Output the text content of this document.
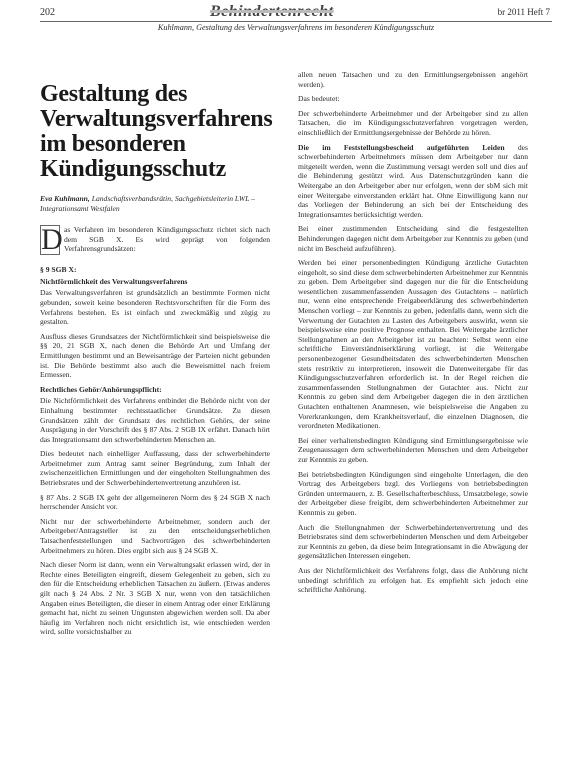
202	Behindertenrecht	br 2011 Heft 7
Kuhlmann, Gestaltung des Verwaltungsverfahrens im besonderen Kündigungsschutz
Gestaltung des
Verwaltungsverfahrens
im besonderen
Kündigungsschutz
Eva Kuhlmann, Landschaftsverbandsrätin, Sachgebietsleiterin LWL – Integrationsamt Westfalen
D as Verfahren im besonderen Kündigungsschutz richtet sich nach dem SGB X. Es wird geprägt von folgenden Verfahrensgrundsätzen:
§ 9 SGB X:
Nichtförmlichkeit des Verwaltungsverfahrens

Das Verwaltungsverfahren ist grundsätzlich an bestimmte Formen nicht gebunden, soweit keine besonderen Rechtsvorschriften für die Form des Verfahrens bestehen. Es ist einfach und zweckmäßig und zügig zu gestalten.

Ausfluss dieses Grundsatzes der Nichtförmlichkeit sind beispielsweise die §§ 20, 21 SGB X, nach denen die Behörde Art und Umfang der Ermittlungen bestimmt und an Beweisanträge der Parteien nicht gebunden ist. Die Behörde bestimmt also auch die Beweismittel nach freiem Ermessen.

Rechtliches Gehör/Anhörungspflicht:

Die Nichtförmlichkeit des Verfahrens entbindet die Behörde nicht von der Einhaltung bestimmter rechtsstaatlicher Grundsätze. Zu diesen Grundsätzen zählt der Grundsatz des rechtlichen Gehörs, der seine Ausprägung in der Vorschrift des § 87 Abs. 2 SGB IX erfährt. Danach hört das Integrationsamt den schwerbehinderten Menschen an.

Dies bedeutet nach einhelliger Auffassung, dass der schwerbehinderte Arbeitnehmer zum Antrag samt seiner Begründung, zum Inhalt der zwischenzeitlichen Ermittlungen und der eingeholten Stellungnahmen des Betriebsrates und der Schwerbehindertenvertretung anzuhören ist.

§ 87 Abs. 2 SGB IX geht der allgemeineren Norm des § 24 SGB X nach herrschender Ansicht vor.

Nicht nur der schwerbehinderte Arbeitnehmer, sondern auch der Arbeitgeber/Antragsteller ist zu den entscheidungserheblichen Tatsachenfeststellungen und Sachvorträgen des schwerbehinderten Arbeitnehmers zu hören. Dies ergibt sich aus § 24 SGB X.

Nach dieser Norm ist dann, wenn ein Verwaltungsakt erlassen wird, der in Rechte eines Beteiligten eingreift, diesem Gelegenheit zu geben, sich zu den für die Entscheidung erheblichen Tatsachen zu äußern. (Etwas anderes gilt nach § 24 Abs. 2 Nr. 3 SGB X nur, wenn von den tatsächlichen Angaben eines Beteiligten, die dieser in einem Antrag oder einer Erklärung gemacht hat, nicht zu seinen Ungunsten abgewichen werden soll. Da aber häufig im Verfahren noch nicht ersichtlich ist, wie entschieden werden wird, sollte vorsichtshalber zu

allen neuen Tatsachen und zu den Ermittlungsergebnissen angehört werden).

Das bedeutet:

Der schwerbehinderte Arbeitnehmer und der Arbeitgeber sind zu allen Tatsachen, die im Kündigungsschutzverfahren vorgetragen werden, einschließlich der Ermittlungsergebnisse der Behörde zu hören.

Die im Feststellungsbescheid aufgeführten Leiden des schwerbehinderten Arbeitnehmers müssen dem Arbeitgeber nur dann mitgeteilt werden, wenn die Zustimmung versagt werden soll und dies auf die Behinderung gestützt wird. Aus Datenschutzgründen kann die Weitergabe an den Arbeitgeber aber nur erfolgen, wenn der sbM sich mit einer Weitergabe einverstanden erklärt hat. Ohne Einwilligung kann nur das Vorliegen der Behinderung an sich bei der Entscheidung des Integrationsamtes berücksichtigt werden.

Bei einer zustimmenden Entscheidung sind die festgestellten Behinderungen dagegen nicht dem Arbeitgeber zur Kenntnis zu geben (und nicht im Bescheid aufzuführen).

Werden bei einer personenbedingten Kündigung ärztliche Gutachten eingeholt, so sind diese dem schwerbehinderten Arbeitnehmer zur Kenntnis zu geben. Dem Arbeitgeber sind dagegen nur die für die Entscheidung wesentlichen zusammenfassenden Aussagen des Gutachtens – natürlich nur, wenn eine entsprechende Freigabeerklärung des schwerbehinderten Menschen vorliegt – zur Kenntnis zu geben, jedenfalls dann, wenn sich die Verwertung der Gutachten zu Lasten des Arbeitgebers auswirkt, wenn sie beispielsweise eine positive Prognose enthalten. Bei Weitergabe ärztlicher Stellungnahmen an den Arbeitgeber ist zu beachten: Selbst wenn eine schriftliche Einverständniserklärung vorliegt, ist die Weitergabe personenbezogener Gesundheitsdaten des schwerbehinderten Menschen stets restriktiv zu interpretieren, insoweit die Datenweitergabe für das Kündigungsschutzverfahren erforderlich ist. In der Regel reichen die zusammenfassenden Stellungnahmen der Gutachter aus. Nicht zur Kenntnis zu geben sind dem Arbeitgeber dagegen die in den ärztlichen Gutachten enthaltenen Anamnesen, wie beispielsweise die Angaben zu Vorerkrankungen, dem Krankheitsverlauf, die einzelnen Diagnosen, die verordneten Medikationen.

Bei einer verhaltensbedingten Kündigung sind Ermittlungsergebnisse wie Zeugenaussagen dem schwerbehinderten Menschen und dem Arbeitgeber zur Kenntnis zu geben.

Bei betriebsbedingten Kündigungen sind eingeholte Unterlagen, die den Vortrag des Arbeitgebers bzgl. des Vorliegens von betriebsbedingten Gründen untermauern, z. B. Gesellschafterbeschluss, Umsatzbelege, sowie der Arbeitgeber diese freigibt, dem schwerbehinderten Arbeitnehmer zur Kenntnis zu geben.

Auch die Stellungnahmen der Schwerbehindertenvertretung und des Betriebsrates sind dem schwerbehinderten Menschen und dem Arbeitgeber zur Kenntnis zu geben, da diese beim Integrationsamt in die Abwägung der gegensätzlichen Interessen eingehen.

Aus der Nichtförmlichkeit des Verfahrens folgt, dass die Anhörung nicht unbedingt schriftlich zu erfolgen hat. Es empfiehlt sich jedoch eine schriftliche Anhörung.
